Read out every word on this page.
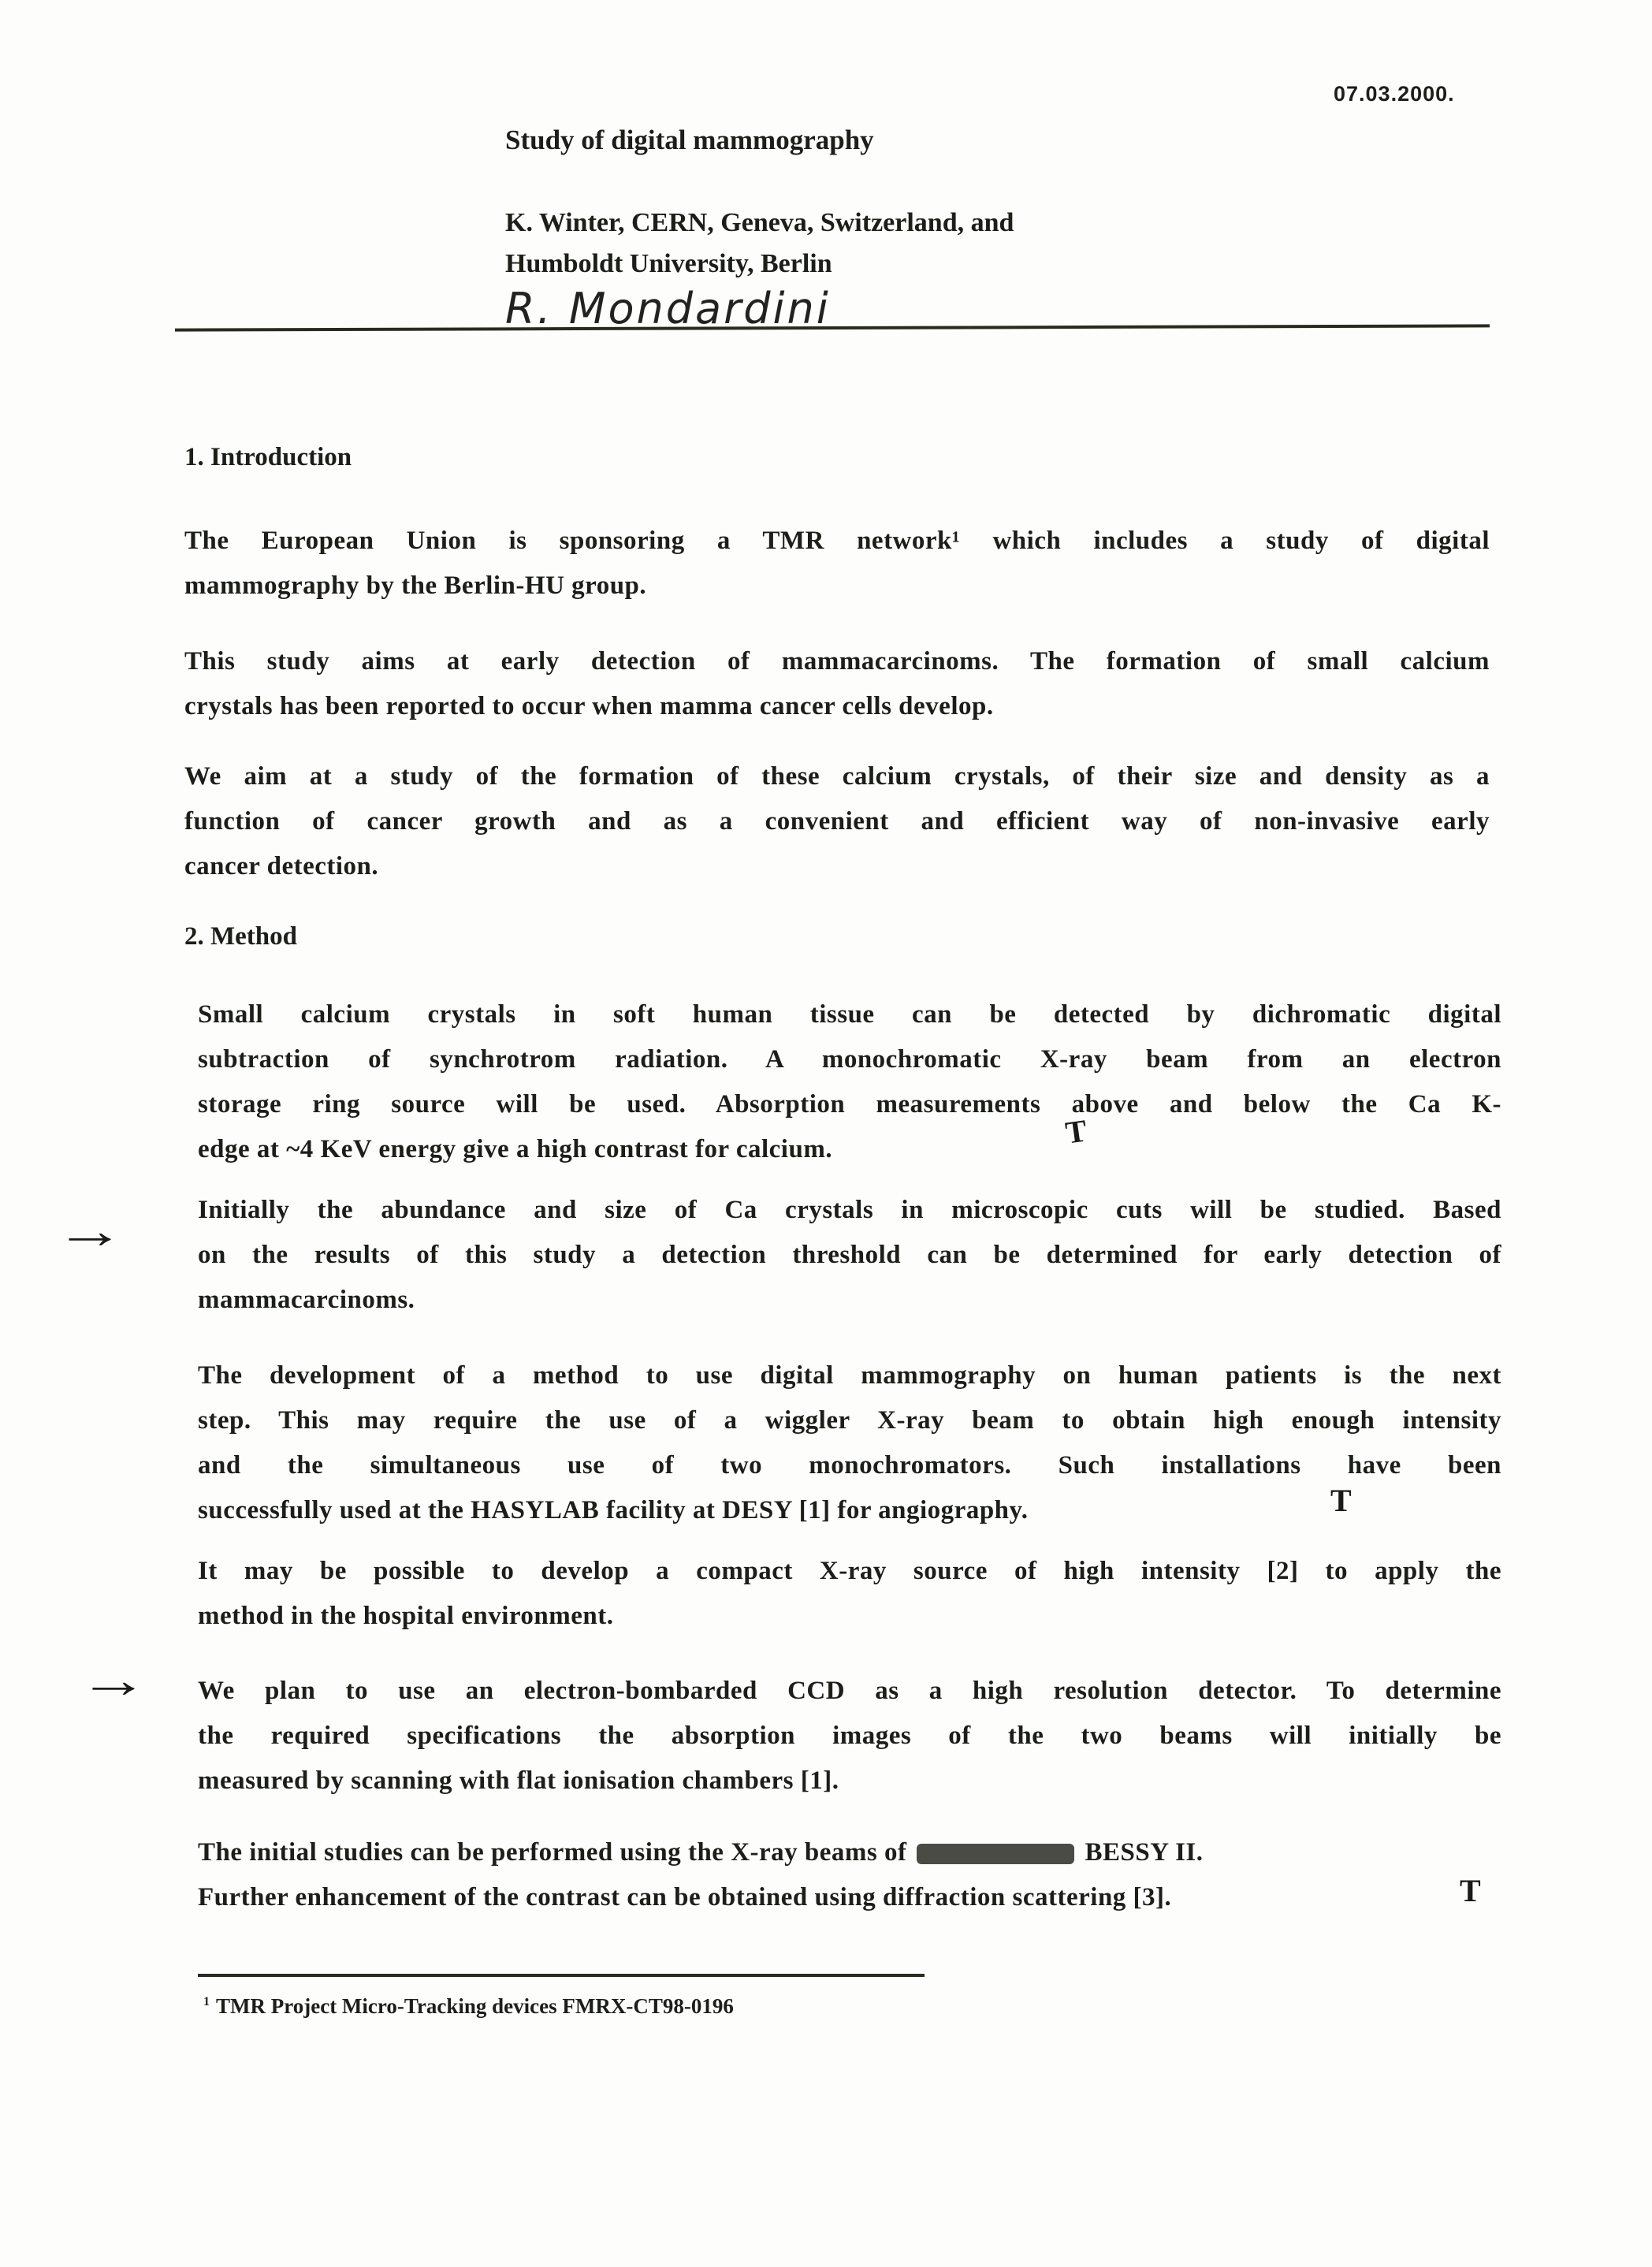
07.03.2000.
Study of digital mammography
K. Winter, CERN, Geneva, Switzerland, and
Humboldt University, Berlin
R. Mondardini
1. Introduction
2. Method
The European Union is sponsoring a TMR network¹ which includes a study of digital
mammography by the Berlin-HU group.
This study aims at early detection of mammacarcinoms. The formation of small calcium
crystals has been reported to occur when mamma cancer cells develop.
We aim at a study of the formation of these calcium crystals, of their size and density as a
function of cancer growth and as a convenient and efficient way of non-invasive early
cancer detection.
Small calcium crystals in soft human tissue can be detected by dichromatic digital
subtraction of synchrotrom radiation. A monochromatic X-ray beam from an electron
storage ring source will be used. Absorption measurements above and below the Ca K-
edge at ~4 KeV energy give a high contrast for calcium.
Initially the abundance and size of Ca crystals in microscopic cuts will be studied. Based
on the results of this study a detection threshold can be determined for early detection of
mammacarcinoms.
The development of a method to use digital mammography on human patients is the next
step. This may require the use of a wiggler X-ray beam to obtain high enough intensity
and the simultaneous use of two monochromators. Such installations have been
successfully used at the HASYLAB facility at DESY [1] for angiography.
It may be possible to develop a compact X-ray source of high intensity [2] to apply the
method in the hospital environment.
We plan to use an electron-bombarded CCD as a high resolution detector. To determine
the required specifications the absorption images of the two beams will initially be
measured by scanning with flat ionisation chambers [1].
The initial studies can be performed using the X-ray beams of	BESSY II.
Further enhancement of the contrast can be obtained using diffraction scattering [3].
→
→
T
T
T
$^1$ TMR Project Micro-Tracking devices FMRX-CT98-0196
